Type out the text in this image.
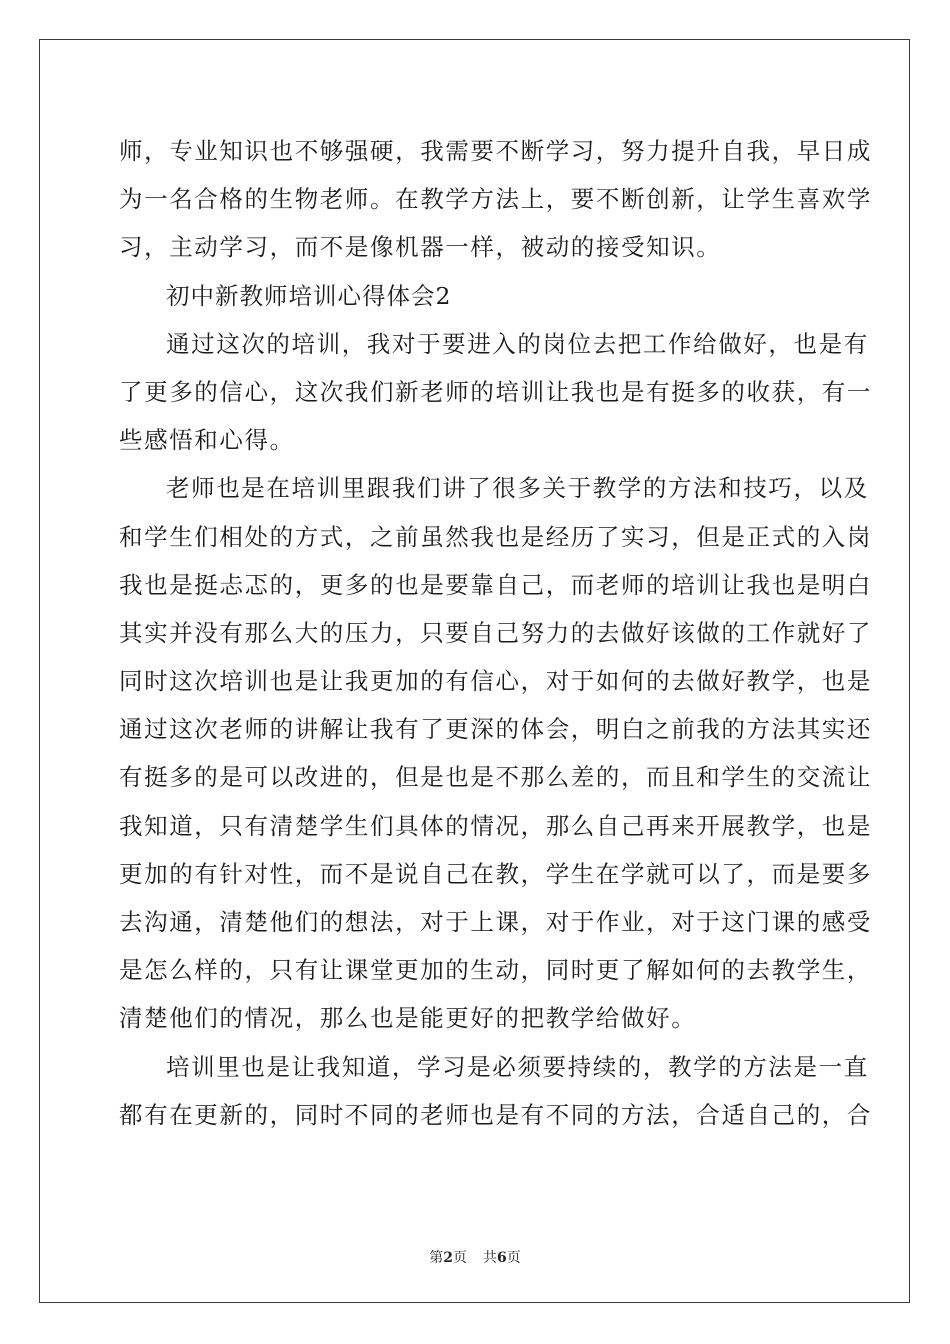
师，专业知识也不够强硬，我需要不断学习，努力提升自我，早日成
为一名合格的生物老师。在教学方法上，要不断创新，让学生喜欢学
习，主动学习，而不是像机器一样，被动的接受知识。
初中新教师培训心得体会2
通过这次的培训，我对于要进入的岗位去把工作给做好，也是有
了更多的信心，这次我们新老师的培训让我也是有挺多的收获，有一
些感悟和心得。
老师也是在培训里跟我们讲了很多关于教学的方法和技巧，以及
和学生们相处的方式，之前虽然我也是经历了实习，但是正式的入岗
我也是挺忐忑的，更多的也是要靠自己，而老师的培训让我也是明白
其实并没有那么大的压力，只要自己努力的去做好该做的工作就好了
同时这次培训也是让我更加的有信心，对于如何的去做好教学，也是
通过这次老师的讲解让我有了更深的体会，明白之前我的方法其实还
有挺多的是可以改进的，但是也是不那么差的，而且和学生的交流让
我知道，只有清楚学生们具体的情况，那么自己再来开展教学，也是
更加的有针对性，而不是说自己在教，学生在学就可以了，而是要多
去沟通，清楚他们的想法，对于上课，对于作业，对于这门课的感受
是怎么样的，只有让课堂更加的生动，同时更了解如何的去教学生，
清楚他们的情况，那么也是能更好的把教学给做好。
培训里也是让我知道，学习是必须要持续的，教学的方法是一直
都有在更新的，同时不同的老师也是有不同的方法，合适自己的，合
第2页 共6页
